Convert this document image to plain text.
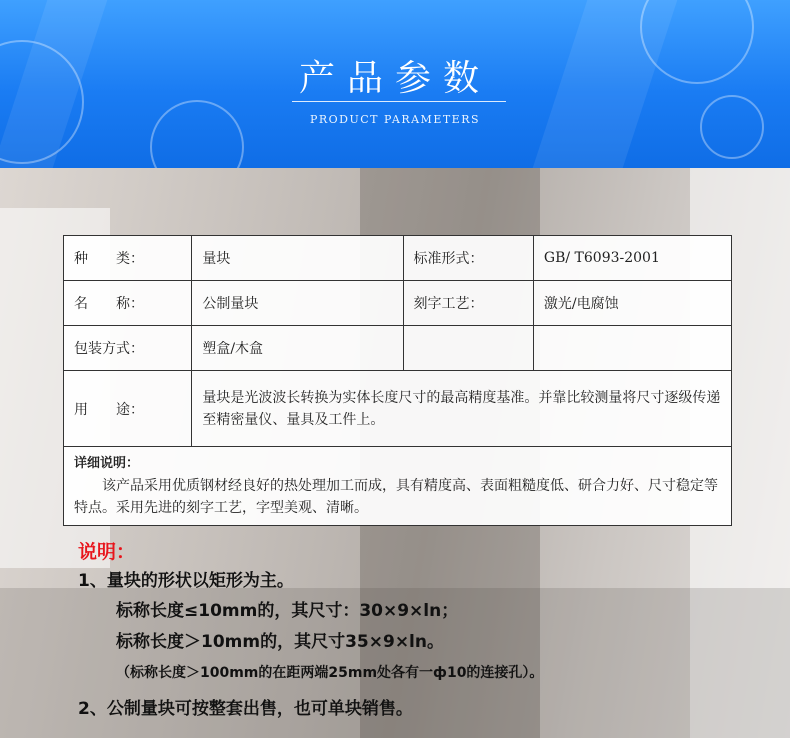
产品参数
PRODUCT PARAMETERS
种　　类：	量块	标准形式：	GB/ T6093-2001
名　　称：	公制量块	刻字工艺：	激光/电腐蚀
包装方式：	塑盒/木盒		
用　　途：	量块是光波波长转换为实体长度尺寸的最高精度基准。并靠比较测量将尺寸逐级传递至精密量仪、量具及工件上。		

详细说明：
该产品采用优质钢材经良好的热处理加工而成，具有精度高、表面粗糙度低、研合力好、尺寸稳定等特点。采用先进的刻字工艺，字型美观、清晰。			
说明：
1、量块的形状以矩形为主。
标称长度≤10mm的，其尺寸：30×9×ln；
标称长度＞10mm的，其尺寸35×9×ln。
（标称长度＞100mm的在距两端25mm处各有一ф10的连接孔）。
2、公制量块可按整套出售，也可单块销售。
